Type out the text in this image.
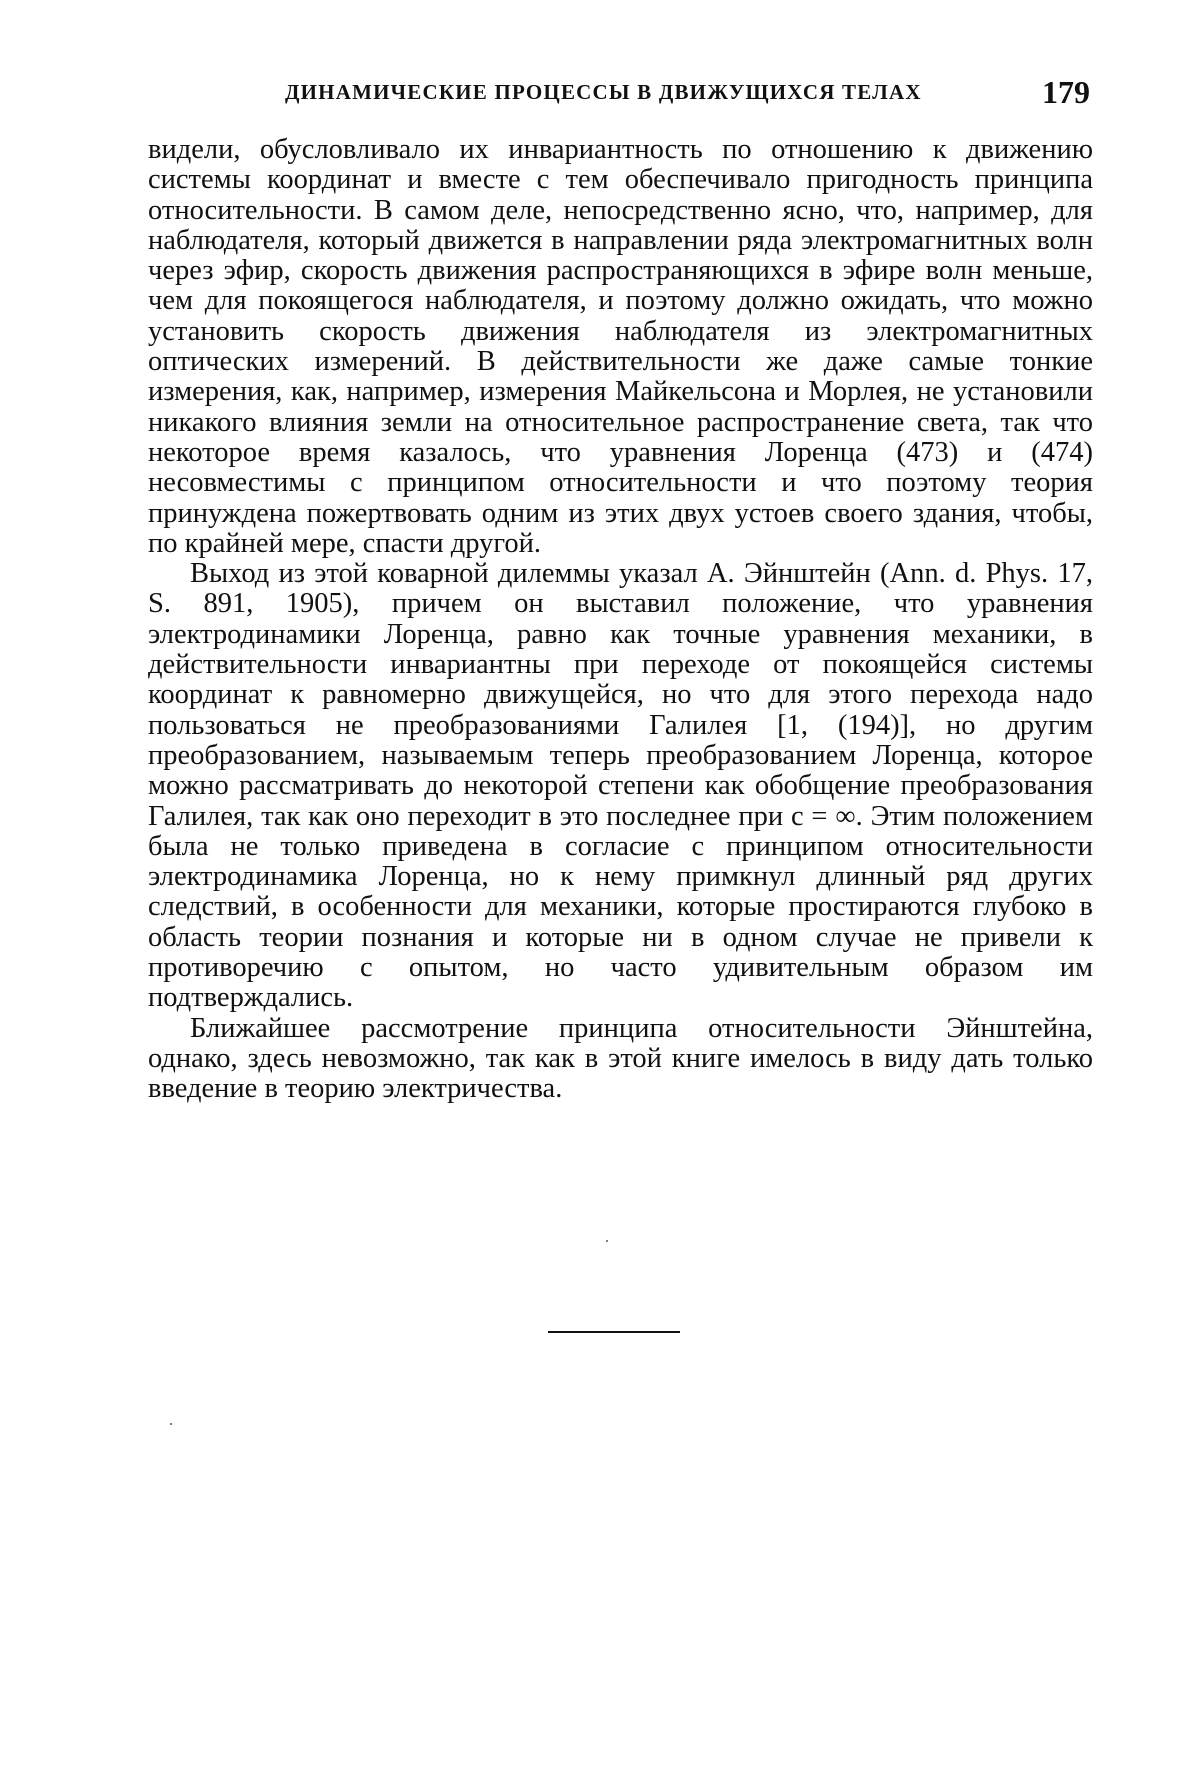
ДИНАМИЧЕСКИЕ ПРОЦЕССЫ В ДВИЖУЩИХСЯ ТЕЛАХ	179

видели, обусловливало их инвариантность по отношению к движению системы координат и вместе с тем обеспечивало пригодность принципа относительности. В самом деле, непосредственно ясно, что, например, для наблюдателя, который движется в направлении ряда электромагнитных волн через эфир, скорость движения распространяющихся в эфире волн меньше, чем для покоящегося наблюдателя, и поэтому должно ожидать, что можно установить скорость движения наблюдателя из электромагнитных оптических измерений. В действительности же даже самые тонкие измерения, как, например, измерения Майкельсона и Морлея, не установили никакого влияния земли на относительное распространение света, так что некоторое время казалось, что уравнения Лоренца (473) и (474) несовместимы с принципом относительности и что поэтому теория принуждена пожертвовать одним из этих двух устоев своего здания, чтобы, по крайней мере, спасти другой.

Выход из этой коварной дилеммы указал А. Эйнштейн (Ann. d. Phys. 17, S. 891, 1905), причем он выставил положение, что уравнения электродинамики Лоренца, равно как точные уравнения механики, в действительности инвариантны при переходе от покоящейся системы координат к равномерно движущейся, но что для этого перехода надо пользоваться не преобразованиями Галилея [1, (194)], но другим преобразованием, называемым теперь преобразованием Лоренца, которое можно рассматривать до некоторой степени как обобщение преобразования Галилея, так как оно переходит в это последнее при c = ∞. Этим положением была не только приведена в согласие с принципом относительности электродинамика Лоренца, но к нему примкнул длинный ряд других следствий, в особенности для механики, которые простираются глубоко в область теории познания и которые ни в одном случае не привели к противоречию с опытом, но часто удивительным образом им подтверждались.

Ближайшее рассмотрение принципа относительности Эйнштейна, однако, здесь невозможно, так как в этой книге имелось в виду дать только введение в теорию электричества.
